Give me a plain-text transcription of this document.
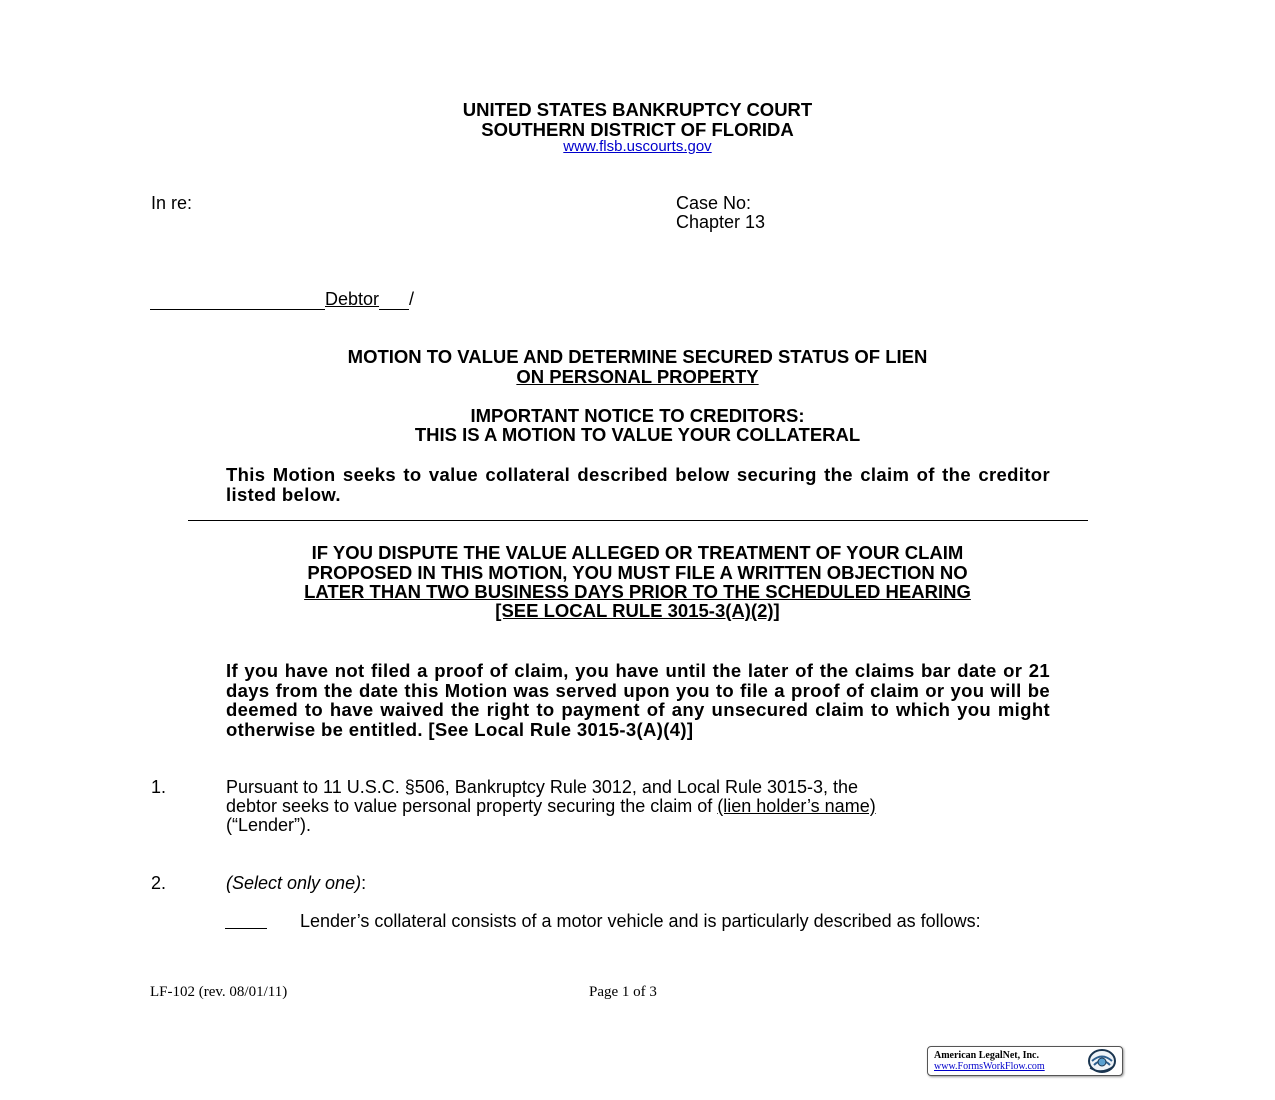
UNITED STATES BANKRUPTCY COURT
SOUTHERN DISTRICT OF FLORIDA
www.flsb.uscourts.gov
In re:	Case No:
Chapter 13
Debtor /
MOTION TO VALUE AND DETERMINE SECURED STATUS OF LIEN
ON PERSONAL PROPERTY
IMPORTANT NOTICE TO CREDITORS:
THIS IS A MOTION TO VALUE YOUR COLLATERAL
This Motion seeks to value collateral described below securing the claim of the creditor listed below.
IF YOU DISPUTE THE VALUE ALLEGED OR TREATMENT OF YOUR CLAIM
PROPOSED IN THIS MOTION, YOU MUST FILE A WRITTEN OBJECTION NO
LATER THAN TWO BUSINESS DAYS PRIOR TO THE SCHEDULED HEARING
[SEE LOCAL RULE 3015-3(A)(2)]
If you have not filed a proof of claim, you have until the later of the claims bar date or 21 days from the date this Motion was served upon you to file a proof of claim or you will be deemed to have waived the right to payment of any unsecured claim to which you might otherwise be entitled. [See Local Rule 3015-3(A)(4)]
1.	Pursuant to 11 U.S.C. §506, Bankruptcy Rule 3012, and Local Rule 3015-3, the
debtor seeks to value personal property securing the claim of (lien holder’s name)
(“Lender”).
2.	(Select only one):
Lender’s collateral consists of a motor vehicle and is particularly described as follows:
LF-102 (rev. 08/01/11)	Page 1 of 3
American LegalNet, Inc.
www.FormsWorkFlow.com
